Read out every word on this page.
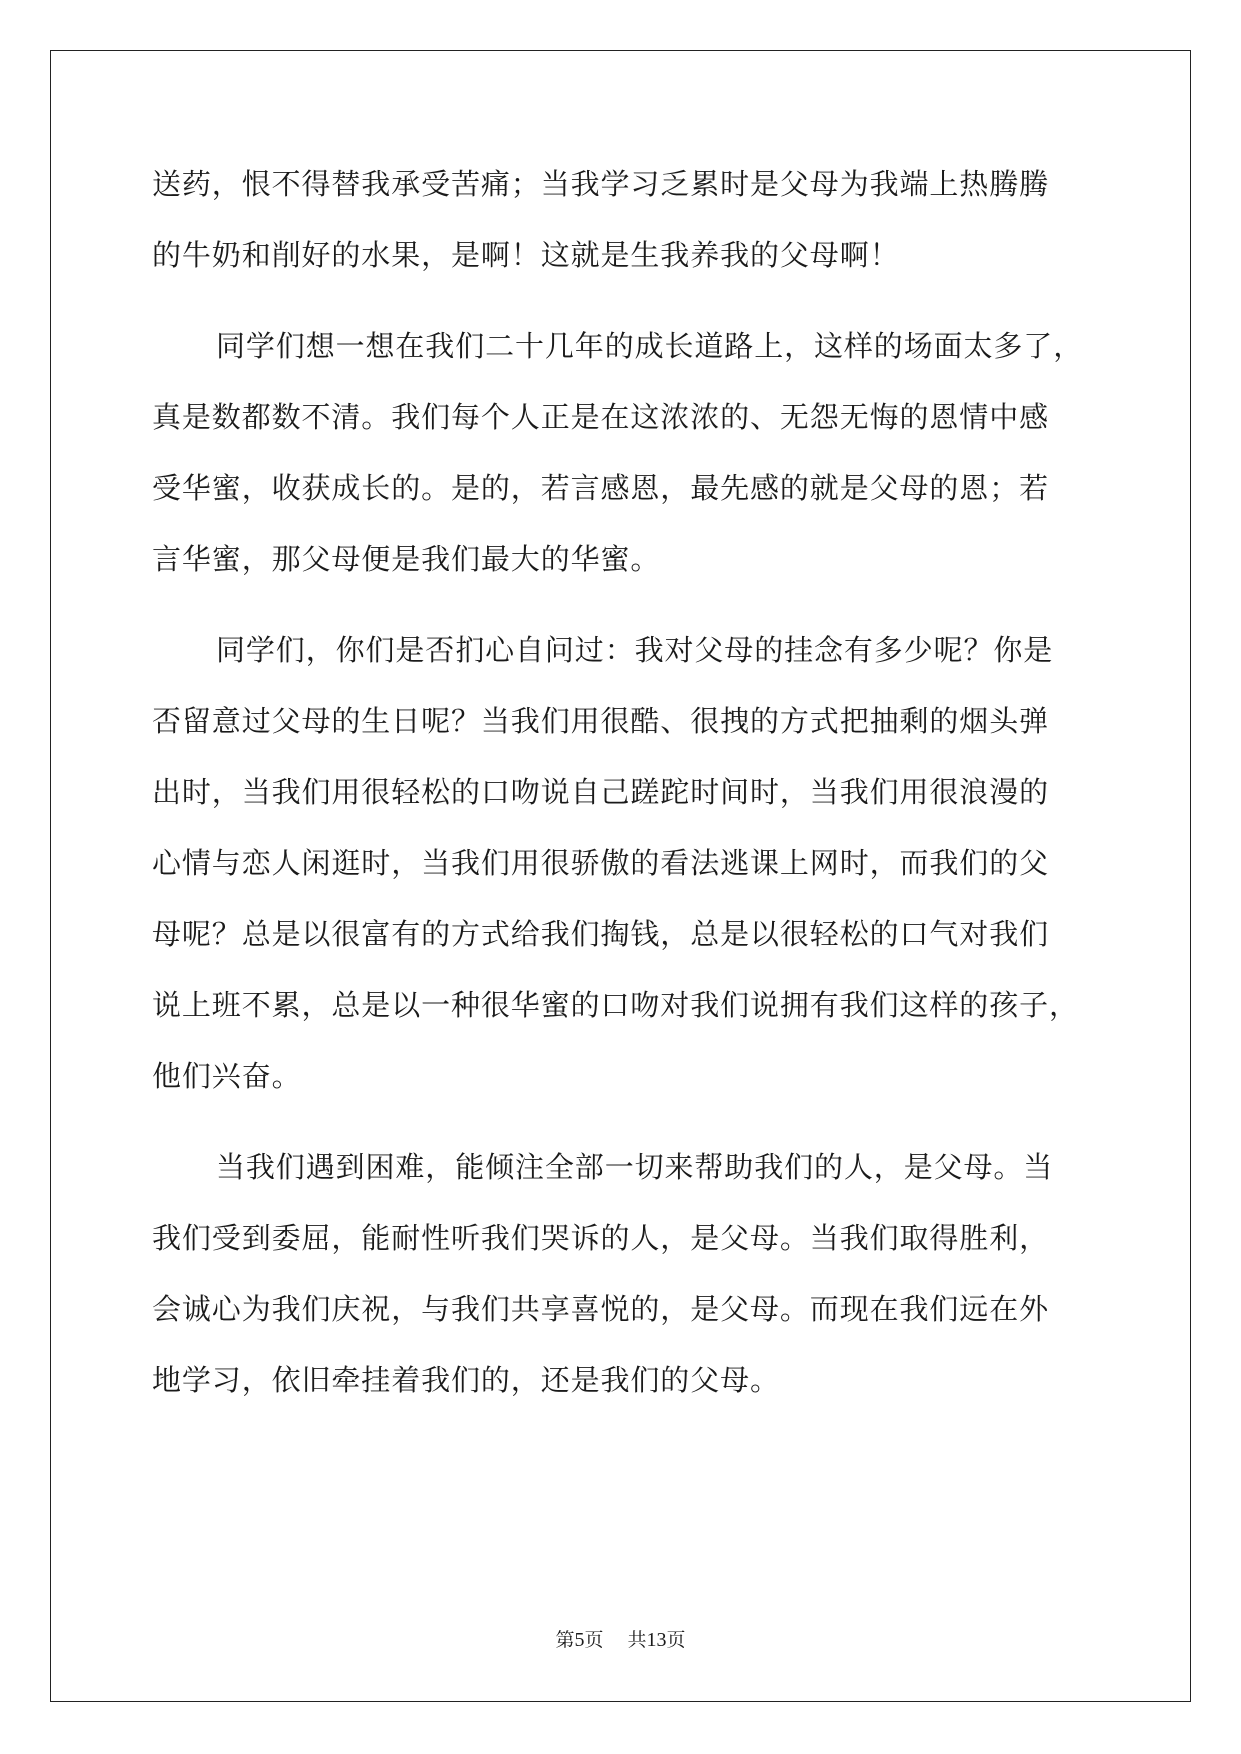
送药，恨不得替我承受苦痛；当我学习乏累时是父母为我端上热腾腾
的牛奶和削好的水果，是啊！这就是生我养我的父母啊！
同学们想一想在我们二十几年的成长道路上，这样的场面太多了，
真是数都数不清。我们每个人正是在这浓浓的、无怨无悔的恩情中感
受华蜜，收获成长的。是的，若言感恩，最先感的就是父母的恩；若
言华蜜，那父母便是我们最大的华蜜。
同学们，你们是否扪心自问过：我对父母的挂念有多少呢？你是
否留意过父母的生日呢？当我们用很酷、很拽的方式把抽剩的烟头弹
出时，当我们用很轻松的口吻说自己蹉跎时间时，当我们用很浪漫的
心情与恋人闲逛时，当我们用很骄傲的看法逃课上网时，而我们的父
母呢？总是以很富有的方式给我们掏钱，总是以很轻松的口气对我们
说上班不累，总是以一种很华蜜的口吻对我们说拥有我们这样的孩子，
他们兴奋。
当我们遇到困难，能倾注全部一切来帮助我们的人，是父母。当
我们受到委屈，能耐性听我们哭诉的人，是父母。当我们取得胜利，
会诚心为我们庆祝，与我们共享喜悦的，是父母。而现在我们远在外
地学习，依旧牵挂着我们的，还是我们的父母。
第5页 共13页
